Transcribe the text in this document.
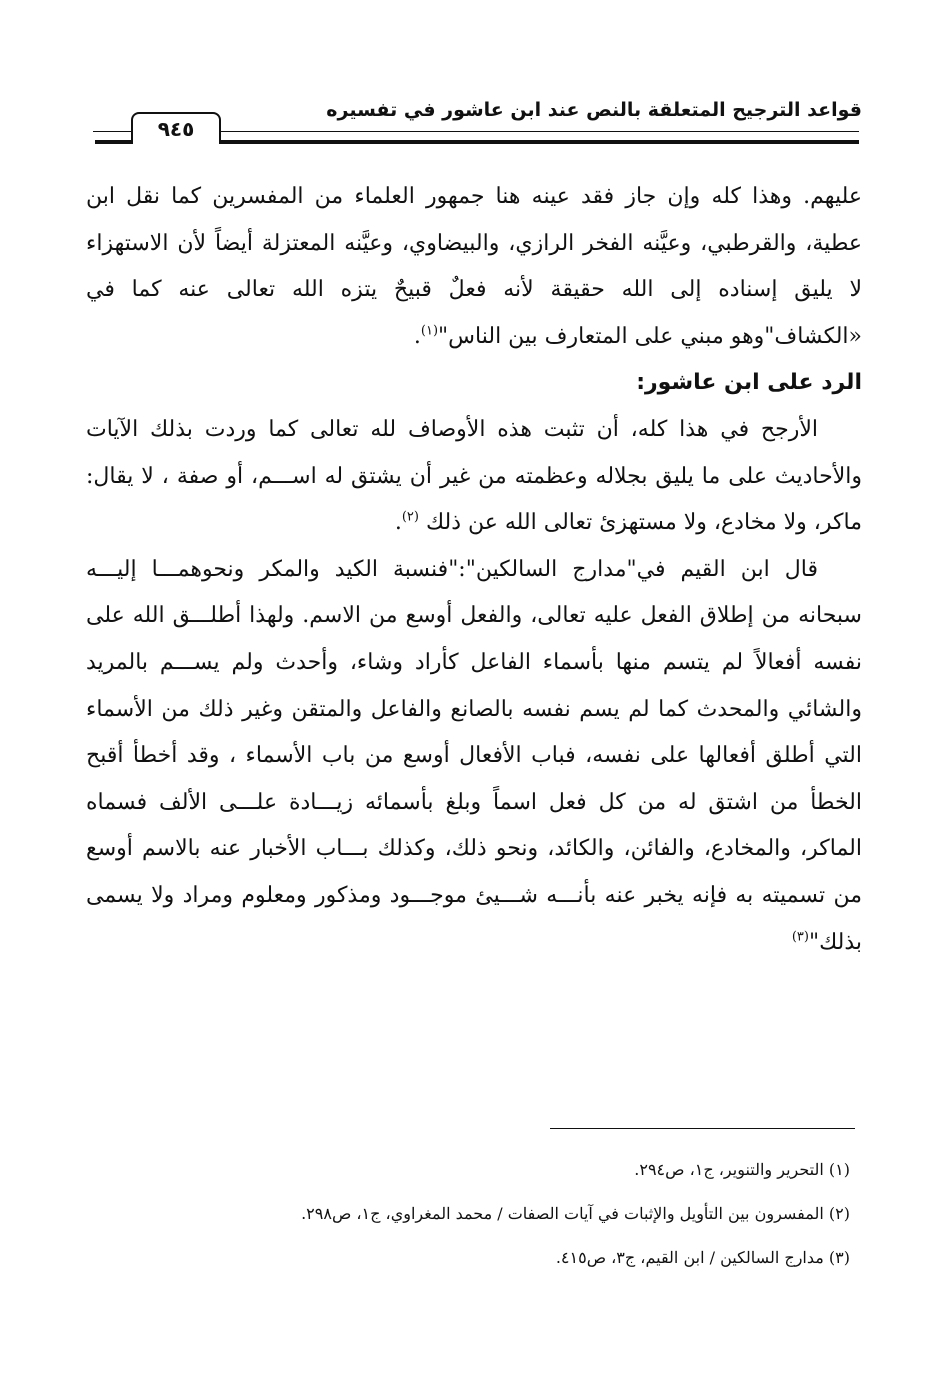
قواعد الترجيح المتعلقة بالنص عند ابن عاشور في تفسيره
٩٤٥

عليهم. وهذا كله وإن جاز فقد عينه هنا جمهور العلماء من المفسرين كما نقل ابن عطية، والقرطبي، وعيَّنه الفخر الرازي، والبيضاوي، وعيَّنه المعتزلة أيضاً لأن الاستهزاء لا يليق إسناده إلى الله حقيقة لأنه فعلٌ قبيحٌ يتزه الله تعالى عنه كما في «الكشاف"وهو مبني على المتعارف بين الناس"$^{(١)}$.

الرد على ابن عاشور:

الأرجح في هذا كله، أن تثبت هذه الأوصاف لله تعالى كما وردت بذلك الآيات والأحاديث على ما يليق بجلاله وعظمته من غير أن يشتق له اســـم، أو صفة ، لا يقال: ماكر، ولا مخادع، ولا مستهزئ تعالى الله عن ذلك $^{(٢)}$.

قال ابن القيم في"مدارج السالكين":"فنسبة الكيد والمكر ونحوهمـــا إليـــه سبحانه من إطلاق الفعل عليه تعالى، والفعل أوسع من الاسم. ولهذا أطلـــق الله على نفسه أفعالاً لم يتسم منها بأسماء الفاعل كأراد وشاء، وأحدث ولم يســـم بالمريد والشائي والمحدث كما لم يسم نفسه بالصانع والفاعل والمتقن وغير ذلك من الأسماء التي أطلق أفعالها على نفسه، فباب الأفعال أوسع من باب الأسماء ، وقد أخطأ أقبح الخطأ من اشتق له من كل فعل اسماً وبلغ بأسمائه زيـــادة علـــى الألف فسماه الماكر، والمخادع، والفائن، والكائد، ونحو ذلك، وكذلك بـــاب الأخبار عنه بالاسم أوسع من تسميته به فإنه يخبر عنه بأنـــه شـــيئ موجـــود ومذكور ومعلوم ومراد ولا يسمى بذلك"$^{(٣)}$

(١) التحرير والتنوير، ج١، ص٢٩٤.
(٢) المفسرون بين التأويل والإثبات في آيات الصفات / محمد المغراوي، ج١، ص٢٩٨.
(٣) مدارج السالكين / ابن القيم، ج٣، ص٤١٥.
